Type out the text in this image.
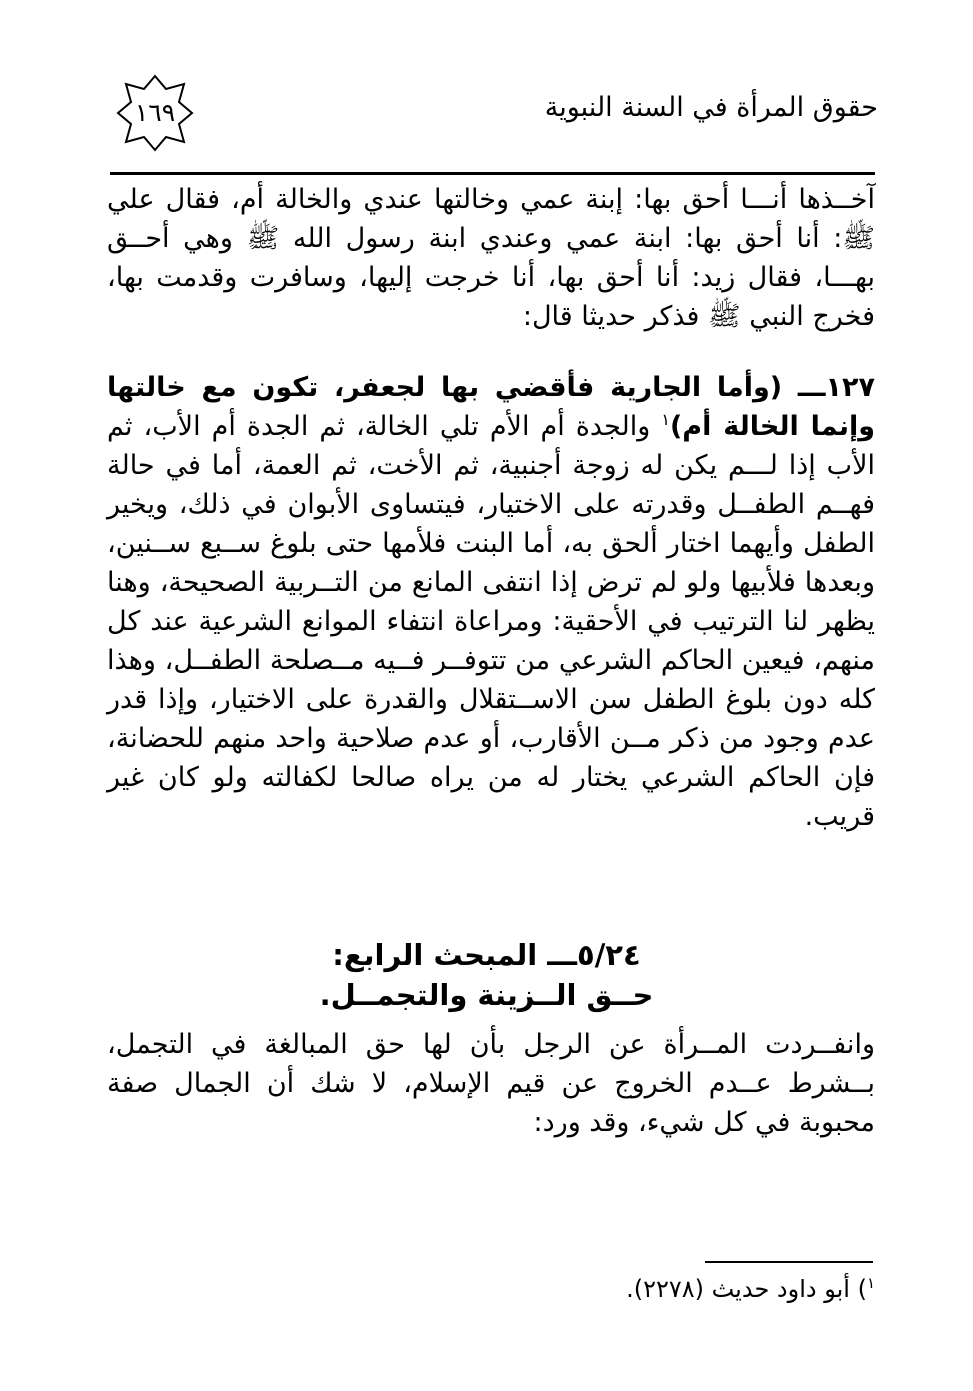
حقوق المرأة في السنة النبوية
١٦٩
آخــذها أنـــا أحق بها: إبنة عمي وخالتها عندي والخالة أم، فقال علي ﷺ: أنا أحق بها: ابنة عمي وعندي ابنة رسول الله ﷺ وهي أحــق بهـــا، فقال زيد: أنا أحق بها، أنا خرجت إليها، وسافرت وقدمت بها، فخرج النبي ﷺ فذكر حديثا قال:
١٢٧ـــ (وأما الجارية فأقضي بها لجعفر، تكون مع خالتها وإنما الخالة أم)$^١$ والجدة أم الأم تلي الخالة، ثم الجدة أم الأب، ثم الأب إذا لـــم يكن له زوجة أجنبية، ثم الأخت، ثم العمة، أما في حالة فهــم الطفــل وقدرته على الاختيار، فيتساوى الأبوان في ذلك، ويخير الطفل وأيهما اختار ألحق به، أما البنت فلأمها حتى بلوغ ســبع ســنين، وبعدها فلأبيها ولو لم ترض إذا انتفى المانع من التــربية الصحيحة، وهنا يظهر لنا الترتيب في الأحقية: ومراعاة انتفاء الموانع الشرعية عند كل منهم، فيعين الحاكم الشرعي من تتوفــر فــيه مــصلحة الطفــل، وهذا كله دون بلوغ الطفل سن الاســتقلال والقدرة على الاختيار، وإذا قدر عدم وجود من ذكر مــن الأقارب، أو عدم صلاحية واحد منهم للحضانة، فإن الحاكم الشرعي يختار له من يراه صالحا لكفالته ولو كان غير قريب.
٥/٢٤ـــ المبحث الرابع:
حــق الــزينة والتجمــل.
وانفــردت المــرأة عن الرجل بأن لها حق المبالغة في التجمل، بــشرط عــدم الخروج عن قيم الإسلام، لا شك أن الجمال صفة محبوبة في كل شيء، وقد ورد:
$^١$) أبو داود حديث (٢٢٧٨).
